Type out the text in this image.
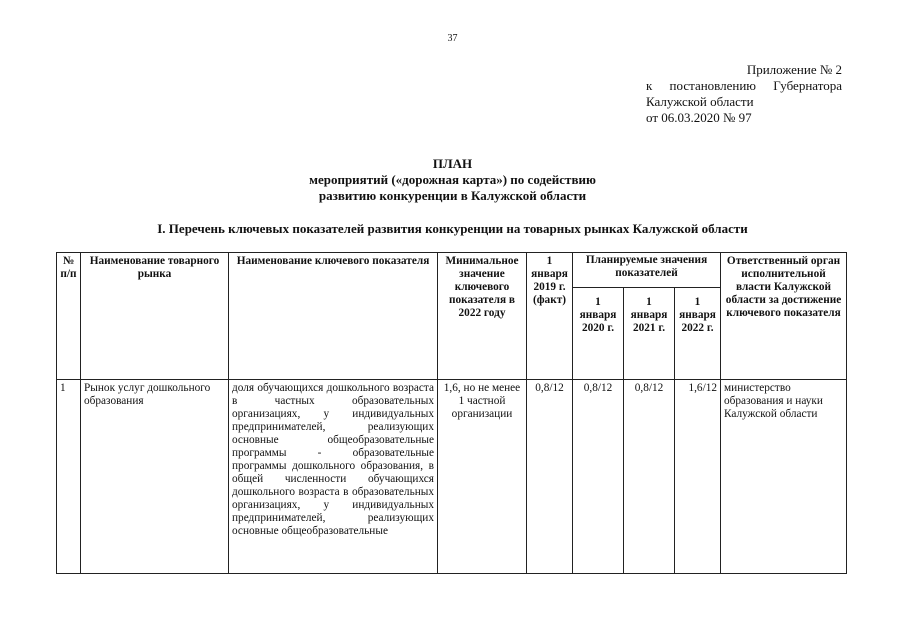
37
Приложение № 2
к постановлению Губернатора
Калужской области
от 06.03.2020 № 97
ПЛАН
мероприятий («дорожная карта») по содействию
развитию конкуренции в Калужской области
I. Перечень ключевых показателей развития конкуренции на товарных рынках Калужской области
№ п/п	Наименование товарного рынка	Наименование ключевого показателя	Минимальное значение ключевого показателя в 2022 году	1 января 2019 г. (факт)	Планируемые значения показателей			Ответственный орган исполнительной власти Калужской области за достижение ключевого показателя
					1 января 2020 г.	1 января 2021 г.	1 января 2022 г.	
1	Рынок услуг дошкольного образования	доля обучающихся дошкольного возраста в частных образовательных организациях, у индивидуальных предпринимателей, реализующих основные общеобразовательные программы - образовательные программы дошкольного образования, в общей численности обучающихся дошкольного возраста в образовательных организациях, у индивидуальных предпринимателей, реализующих основные общеобразовательные	1,6, но не менее 1 частной организации	0,8/12	0,8/12	0,8/12	1,6/12	министерство образования и науки Калужской области
